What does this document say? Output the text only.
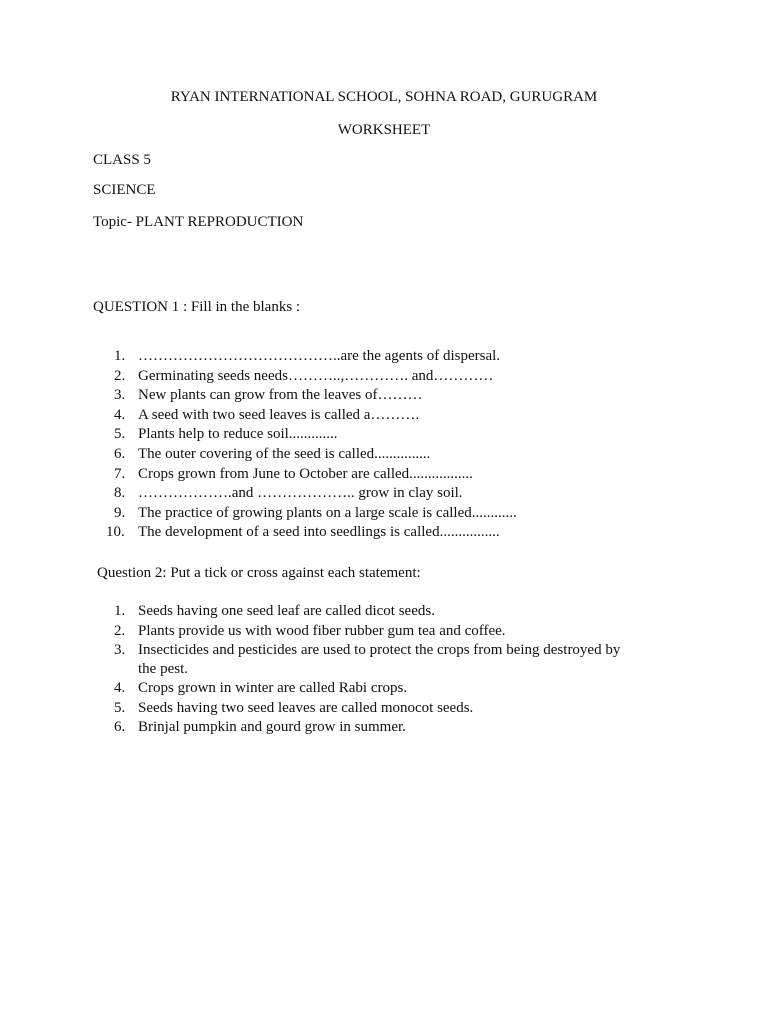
RYAN INTERNATIONAL SCHOOL, SOHNA ROAD, GURUGRAM
WORKSHEET
CLASS 5
SCIENCE
Topic- PLANT REPRODUCTION
QUESTION 1 : Fill in the blanks :
1. …………………………………..are the agents of dispersal.
2. Germinating seeds needs………..,…………. and…………
3. New plants can grow from the leaves of………
4. A seed with two seed leaves is called a……….
5. Plants help to reduce soil.............
6. The outer covering of the seed is called...............
7. Crops grown from June to October are called.................
8. ……………….and ……………….. grow in clay soil.
9. The practice of growing plants on a large scale is called............
10. The development of a seed into seedlings is called................
Question 2: Put a tick or cross against each statement:
1. Seeds having one seed leaf are called dicot seeds.
2. Plants provide us with wood fiber rubber gum tea and coffee.
3. Insecticides and pesticides are used to protect the crops from being destroyed by the pest.
4. Crops grown in winter are called Rabi crops.
5. Seeds having two seed leaves are called monocot seeds.
6. Brinjal pumpkin and gourd grow in summer.
